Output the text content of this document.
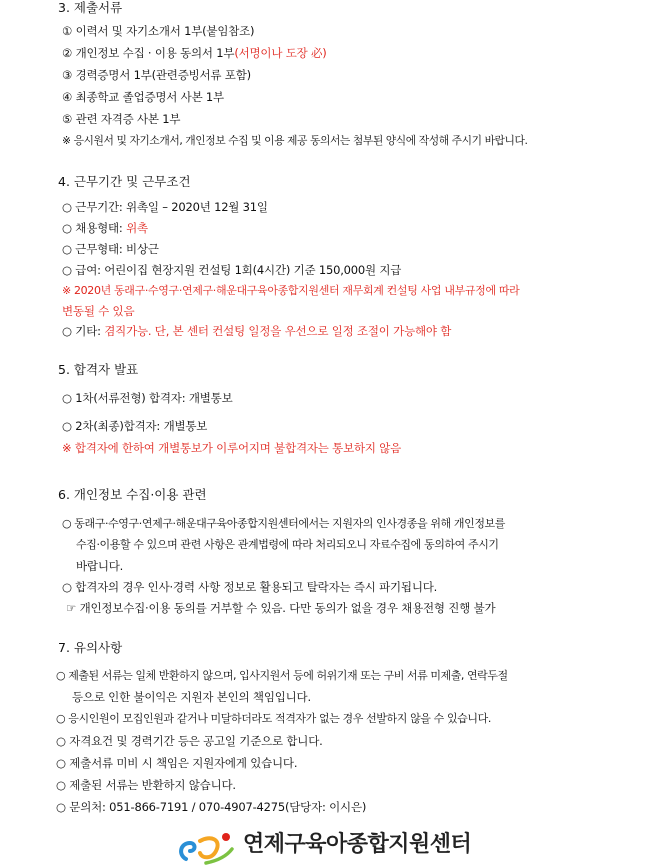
3. 제출서류
① 이력서 및 자기소개서 1부(붙임참조)
② 개인정보 수집 · 이용 동의서 1부(서명이나 도장 必)
③ 경력증명서 1부(관련증빙서류 포함)
④ 최종학교 졸업증명서 사본 1부
⑤ 관련 자격증 사본 1부
※ 응시원서 및 자기소개서, 개인정보 수집 및 이용 제공 동의서는 첨부된 양식에 작성해 주시기 바랍니다.
4. 근무기간 및 근무조건
○ 근무기간: 위촉일 – 2020년 12월 31일
○ 채용형태: 위촉
○ 근무형태: 비상근
○ 급여: 어린이집 현장지원 컨설팅 1회(4시간) 기준 150,000원 지급
※ 2020년 동래구·수영구·연제구·해운대구육아종합지원센터 재무회계 컨설팅 사업 내부규정에 따라
변동될 수 있음
○ 기타: 겸직가능. 단, 본 센터 컨설팅 일정을 우선으로 일정 조절이 가능해야 함
5. 합격자 발표
○ 1차(서류전형) 합격자: 개별통보
○ 2차(최종)합격자: 개별통보
※ 합격자에 한하여 개별통보가 이루어지며 불합격자는 통보하지 않음
6. 개인정보 수집·이용 관련
○ 동래구·수영구·연제구·해운대구육아종합지원센터에서는 지원자의 인사경종을 위해 개인정보를
수집·이용할 수 있으며 관련 사항은 관계법령에 따라 처리되오니 자료수집에 동의하여 주시기
바랍니다.
○ 합격자의 경우 인사·경력 사항 정보로 활용되고 탈락자는 즉시 파기됩니다.
☞ 개인정보수집·이용 동의를 거부할 수 있음. 다만 동의가 없을 경우 채용전형 진행 불가
7. 유의사항
○ 제출된 서류는 일체 반환하지 않으며, 입사지원서 등에 허위기재 또는 구비 서류 미제출, 연락두절
등으로 인한 불이익은 지원자 본인의 책임입니다.
○ 응시인원이 모집인원과 같거나 미달하더라도 적격자가 없는 경우 선발하지 않을 수 있습니다.
○ 자격요건 및 경력기간 등은 공고일 기준으로 합니다.
○ 제출서류 미비 시 책임은 지원자에게 있습니다.
○ 제출된 서류는 반환하지 않습니다.
○ 문의처: 051-866-7191 / 070-4907-4275(담당자: 이시은)
연제구육아종합지원센터
